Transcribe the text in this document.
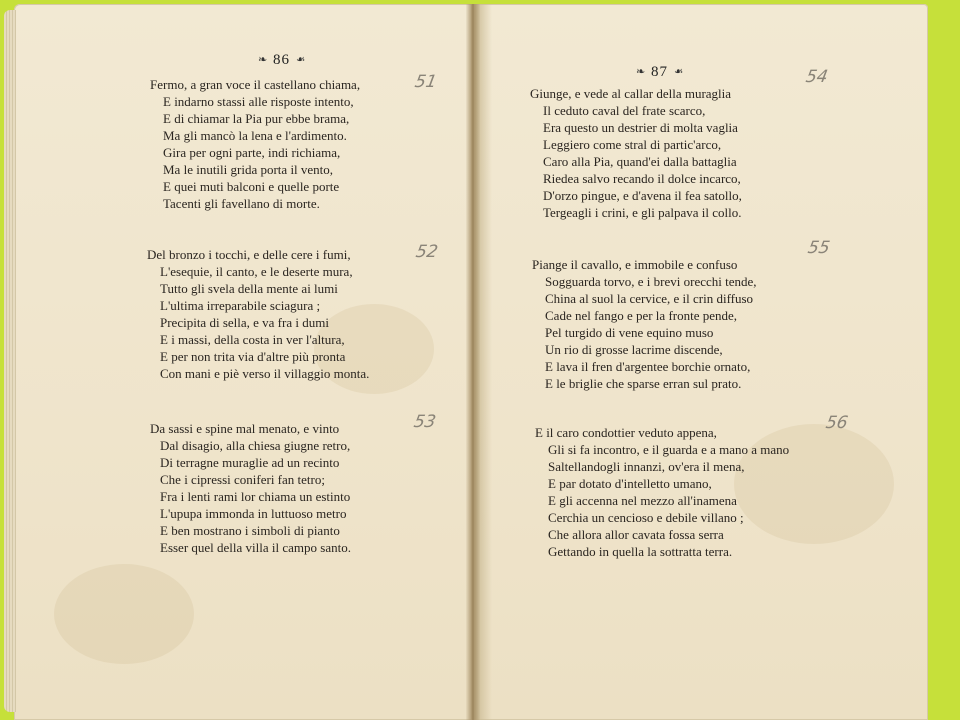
❧ 86 ❧
Fermo, a gran voce il castellano chiama,
E indarno stassi alle risposte intento,
E di chiamar la Pia pur ebbe brama,
Ma gli mancò la lena e l'ardimento.
Gira per ogni parte, indi richiama,
Ma le inutili grida porta il vento,
E quei muti balconi e quelle porte
Tacenti gli favellano di morte.
51
Del bronzo i tocchi, e delle cere i fumi,
L'esequie, il canto, e le deserte mura,
Tutto gli svela della mente ai lumi
L'ultima irreparabile sciagura ;
Precipita di sella, e va fra i dumi
E i massi, della costa in ver l'altura,
E per non trita via d'altre più pronta
Con mani e piè verso il villaggio monta.
52
Da sassi e spine mal menato, e vinto
Dal disagio, alla chiesa giugne retro,
Di terragne muraglie ad un recinto
Che i cipressi coniferi fan tetro;
Fra i lenti rami lor chiama un estinto
L'upupa immonda in luttuoso metro
E ben mostrano i simboli di pianto
Esser quel della villa il campo santo.
53
❧ 87 ❧
Giunge, e vede al callar della muraglia
Il ceduto caval del frate scarco,
Era questo un destrier di molta vaglia
Leggiero come stral di partic'arco,
Caro alla Pia, quand'ei dalla battaglia
Riedea salvo recando il dolce incarco,
D'orzo pingue, e d'avena il fea satollo,
Tergeagli i crini, e gli palpava il collo.
54
Piange il cavallo, e immobile e confuso
Sogguarda torvo, e i brevi orecchi tende,
China al suol la cervice, e il crin diffuso
Cade nel fango e per la fronte pende,
Pel turgido di vene equino muso
Un rio di grosse lacrime discende,
E lava il fren d'argentee borchie ornato,
E le briglie che sparse erran sul prato.
55
E il caro condottier veduto appena,
Gli si fa incontro, e il guarda e a mano a mano
Saltellandogli innanzi, ov'era il mena,
E par dotato d'intelletto umano,
E gli accenna nel mezzo all'inamena
Cerchia un cencioso e debile villano ;
Che allora allor cavata fossa serra
Gettando in quella la sottratta terra.
56
